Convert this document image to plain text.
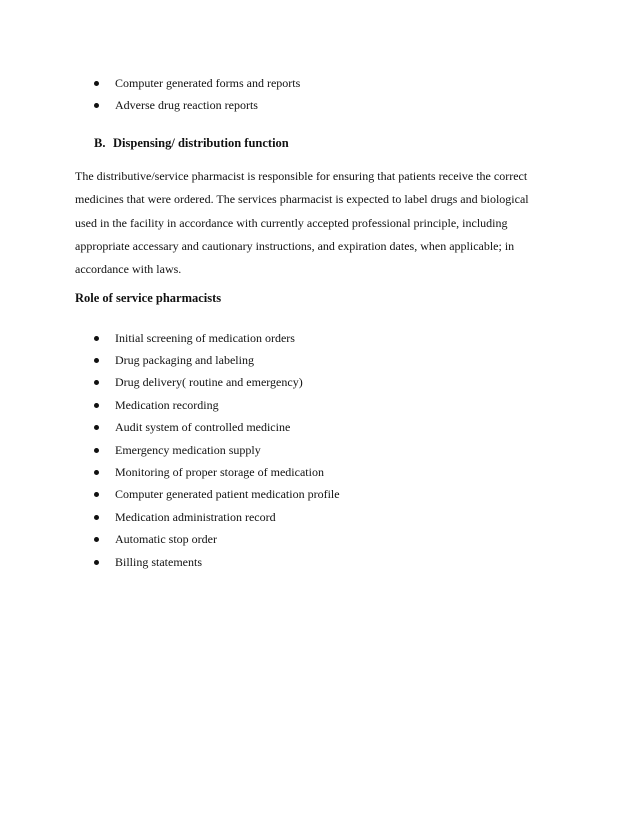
Computer generated forms and reports
Adverse drug reaction reports
B. Dispensing/ distribution function
The distributive/service pharmacist is responsible for ensuring that patients receive the correct
medicines that were ordered. The services pharmacist is expected to label drugs and biological
used in the facility in accordance with currently accepted professional principle, including
appropriate accessary and cautionary instructions, and expiration dates, when applicable; in
accordance with laws.
Role of service pharmacists
Initial screening of medication orders
Drug packaging and labeling
Drug delivery( routine and emergency)
Medication recording
Audit system of controlled medicine
Emergency medication supply
Monitoring of proper storage of medication
Computer generated patient medication profile
Medication administration record
Automatic stop order
Billing statements
